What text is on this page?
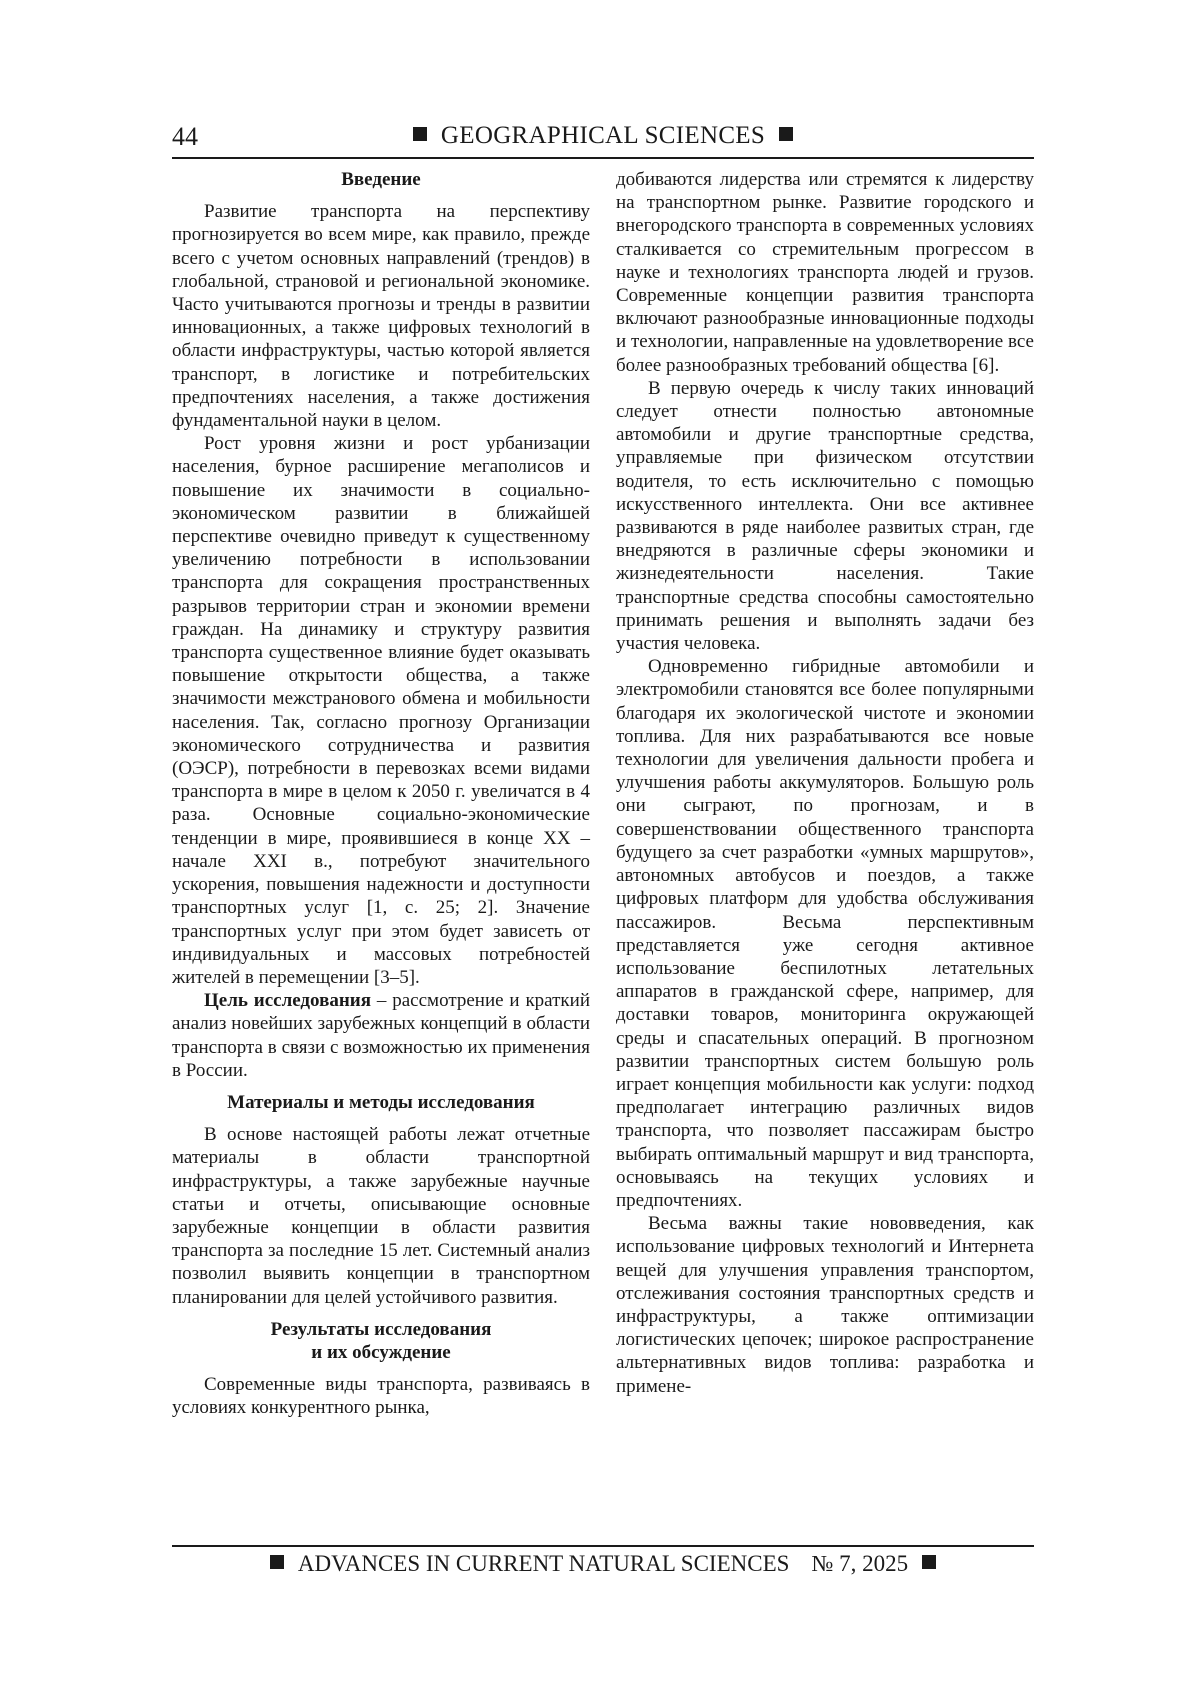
44	GEOGRAPHICAL SCIENCES
Введение

Развитие транспорта на перспективу прогнозируется во всем мире, как правило, прежде всего с учетом основных направлений (трендов) в глобальной, страновой и региональной экономике. Часто учитываются прогнозы и тренды в развитии инновационных, а также цифровых технологий в области инфраструктуры, частью которой является транспорт, в логистике и потребительских предпочтениях населения, а также достижения фундаментальной науки в целом.

Рост уровня жизни и рост урбанизации населения, бурное расширение мегаполисов и повышение их значимости в социально-экономическом развитии в ближайшей перспективе очевидно приведут к существенному увеличению потребности в использовании транспорта для сокращения пространственных разрывов территории стран и экономии времени граждан. На динамику и структуру развития транспорта существенное влияние будет оказывать повышение открытости общества, а также значимости межстранового обмена и мобильности населения. Так, согласно прогнозу Организации экономического сотрудничества и развития (ОЭСР), потребности в перевозках всеми видами транспорта в мире в целом к 2050 г. увеличатся в 4 раза. Основные социально-экономические тенденции в мире, проявившиеся в конце XX – начале XXI в., потребуют значительного ускорения, повышения надежности и доступности транспортных услуг [1, с. 25; 2]. Значение транспортных услуг при этом будет зависеть от индивидуальных и массовых потребностей жителей в перемещении [3–5].

Цель исследования – рассмотрение и краткий анализ новейших зарубежных концепций в области транспорта в связи с возможностью их применения в России.

Материалы и методы исследования

В основе настоящей работы лежат отчетные материалы в области транспортной инфраструктуры, а также зарубежные научные статьи и отчеты, описывающие основные зарубежные концепции в области развития транспорта за последние 15 лет. Системный анализ позволил выявить концепции в транспортном планировании для целей устойчивого развития.

Результаты исследования
и их обсуждение

Современные виды транспорта, развиваясь в условиях конкурентного рынка,

добиваются лидерства или стремятся к лидерству на транспортном рынке. Развитие городского и внегородского транспорта в современных условиях сталкивается со стремительным прогрессом в науке и технологиях транспорта людей и грузов. Современные концепции развития транспорта включают разнообразные инновационные подходы и технологии, направленные на удовлетворение все более разнообразных требований общества [6].

В первую очередь к числу таких инноваций следует отнести полностью автономные автомобили и другие транспортные средства, управляемые при физическом отсутствии водителя, то есть исключительно с помощью искусственного интеллекта. Они все активнее развиваются в ряде наиболее развитых стран, где внедряются в различные сферы экономики и жизнедеятельности населения. Такие транспортные средства способны самостоятельно принимать решения и выполнять задачи без участия человека.

Одновременно гибридные автомобили и электромобили становятся все более популярными благодаря их экологической чистоте и экономии топлива. Для них разрабатываются все новые технологии для увеличения дальности пробега и улучшения работы аккумуляторов. Большую роль они сыграют, по прогнозам, и в совершенствовании общественного транспорта будущего за счет разработки «умных маршрутов», автономных автобусов и поездов, а также цифровых платформ для удобства обслуживания пассажиров. Весьма перспективным представляется уже сегодня активное использование беспилотных летательных аппаратов в гражданской сфере, например, для доставки товаров, мониторинга окружающей среды и спасательных операций. В прогнозном развитии транспортных систем большую роль играет концепция мобильности как услуги: подход предполагает интеграцию различных видов транспорта, что позволяет пассажирам быстро выбирать оптимальный маршрут и вид транспорта, основываясь на текущих условиях и предпочтениях.

Весьма важны такие нововведения, как использование цифровых технологий и Интернета вещей для улучшения управления транспортом, отслеживания состояния транспортных средств и инфраструктуры, а также оптимизации логистических цепочек; широкое распространение альтернативных видов топлива: разработка и примене-

ADVANCES IN CURRENT NATURAL SCIENCES № 7, 2025
